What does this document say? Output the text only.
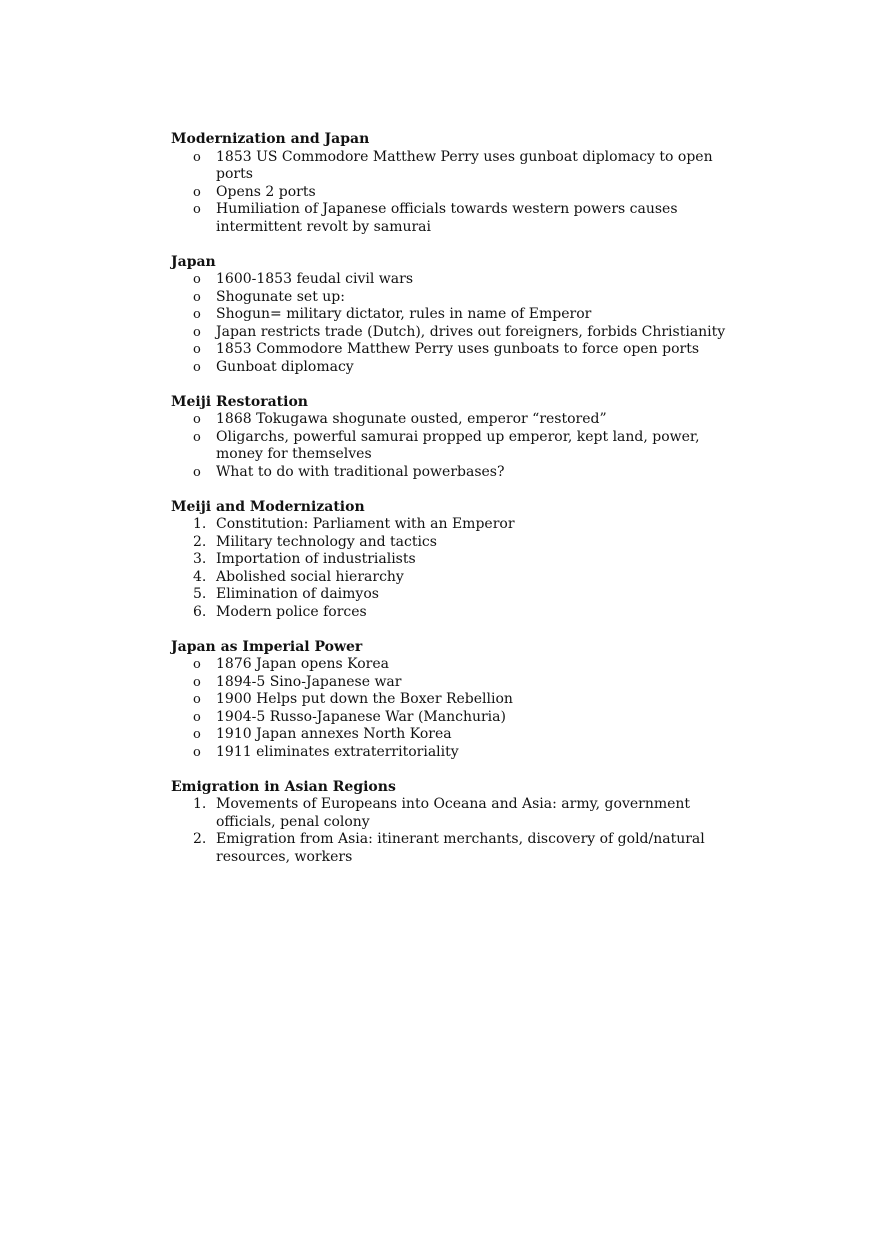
Modernization and Japan
o	1853 US Commodore Matthew Perry uses gunboat diplomacy to open ports
o	Opens 2 ports
o	Humiliation of Japanese officials towards western powers causes intermittent revolt by samurai
Japan
o	1600-1853 feudal civil wars
o	Shogunate set up:
o	Shogun= military dictator, rules in name of Emperor
o	Japan restricts trade (Dutch), drives out foreigners, forbids Christianity
o	1853 Commodore Matthew Perry uses gunboats to force open ports
o	Gunboat diplomacy
Meiji Restoration
o	1868 Tokugawa shogunate ousted, emperor “restored”
o	Oligarchs, powerful samurai propped up emperor, kept land, power, money for themselves
o	What to do with traditional powerbases?
Meiji and Modernization
1. Constitution: Parliament with an Emperor
2. Military technology and tactics
3. Importation of industrialists
4. Abolished social hierarchy
5. Elimination of daimyos
6. Modern police forces
Japan as Imperial Power
o	1876 Japan opens Korea
o	1894-5 Sino-Japanese war
o	1900 Helps put down the Boxer Rebellion
o	1904-5 Russo-Japanese War (Manchuria)
o	1910 Japan annexes North Korea
o	1911 eliminates extraterritoriality
Emigration in Asian Regions
1. Movements of Europeans into Oceana and Asia: army, government officials, penal colony
2. Emigration from Asia: itinerant merchants, discovery of gold/natural resources, workers
